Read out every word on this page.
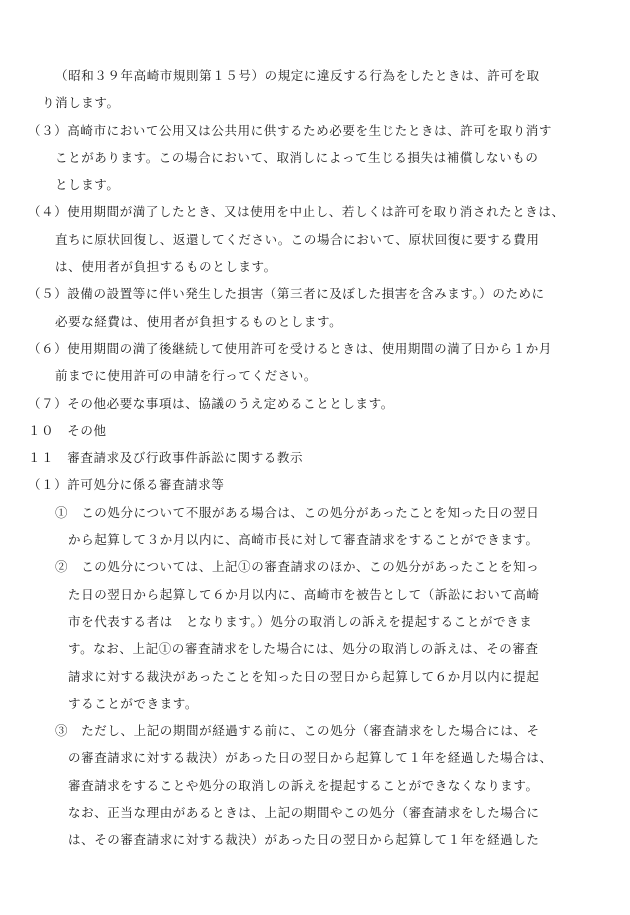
（昭和３９年高崎市規則第１５号）の規定に違反する行為をしたときは、許可を取
り消します。
（３）高崎市において公用又は公共用に供するため必要を生じたときは、許可を取り消す
ことがあります。この場合において、取消しによって生じる損失は補償しないもの
とします。
（４）使用期間が満了したとき、又は使用を中止し、若しくは許可を取り消されたときは、
直ちに原状回復し、返還してください。この場合において、原状回復に要する費用
は、使用者が負担するものとします。
（５）設備の設置等に伴い発生した損害（第三者に及ぼした損害を含みます。）のために
必要な経費は、使用者が負担するものとします。
（６）使用期間の満了後継続して使用許可を受けるときは、使用期間の満了日から１か月
前までに使用許可の申請を行ってください。
（７）その他必要な事項は、協議のうえ定めることとします。
１０　その他
１１　審査請求及び行政事件訴訟に関する教示
（１）許可処分に係る審査請求等
①　この処分について不服がある場合は、この処分があったことを知った日の翌日
から起算して３か月以内に、高崎市長に対して審査請求をすることができます。
②　この処分については、上記①の審査請求のほか、この処分があったことを知っ
た日の翌日から起算して６か月以内に、高崎市を被告として（訴訟において高崎
市を代表する者は　となります。）処分の取消しの訴えを提起することができま
す。なお、上記①の審査請求をした場合には、処分の取消しの訴えは、その審査
請求に対する裁決があったことを知った日の翌日から起算して６か月以内に提起
することができます。
③　ただし、上記の期間が経過する前に、この処分（審査請求をした場合には、そ
の審査請求に対する裁決）があった日の翌日から起算して１年を経過した場合は、
審査請求をすることや処分の取消しの訴えを提起することができなくなります。
なお、正当な理由があるときは、上記の期間やこの処分（審査請求をした場合に
は、その審査請求に対する裁決）があった日の翌日から起算して１年を経過した
